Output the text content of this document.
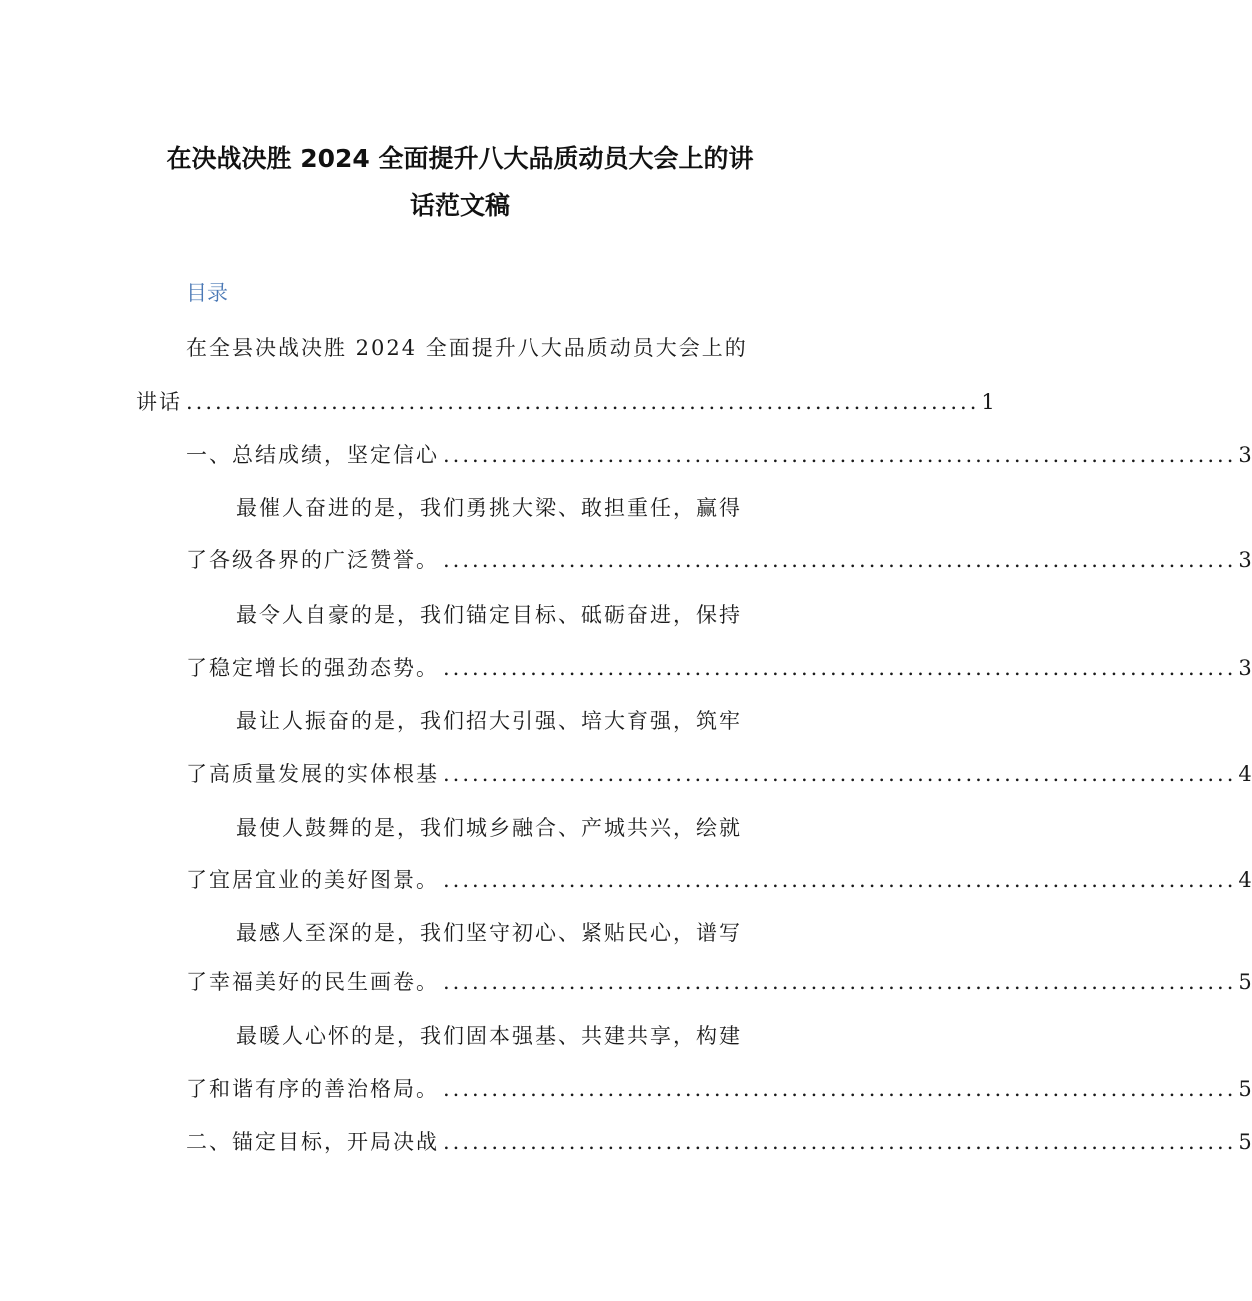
在决战决胜 2024 全面提升八大品质动员大会上的讲
话范文稿
目录
在全县决战决胜 2024 全面提升八大品质动员大会上的
讲话 .................................................................................. 1
一、总结成绩，坚定信心 .................................................................................. 3
最催人奋进的是，我们勇挑大梁、敢担重任，赢得
了各级各界的广泛赞誉。 .................................................................................. 3
最令人自豪的是，我们锚定目标、砥砺奋进，保持
了稳定增长的强劲态势。 .................................................................................. 3
最让人振奋的是，我们招大引强、培大育强，筑牢
了高质量发展的实体根基 .................................................................................. 4
最使人鼓舞的是，我们城乡融合、产城共兴，绘就
了宜居宜业的美好图景。 .................................................................................. 4
最感人至深的是，我们坚守初心、紧贴民心，谱写
了幸福美好的民生画卷。 .................................................................................. 5
最暖人心怀的是，我们固本强基、共建共享，构建
了和谐有序的善治格局。 .................................................................................. 5
二、锚定目标，开局决战 .................................................................................. 5
